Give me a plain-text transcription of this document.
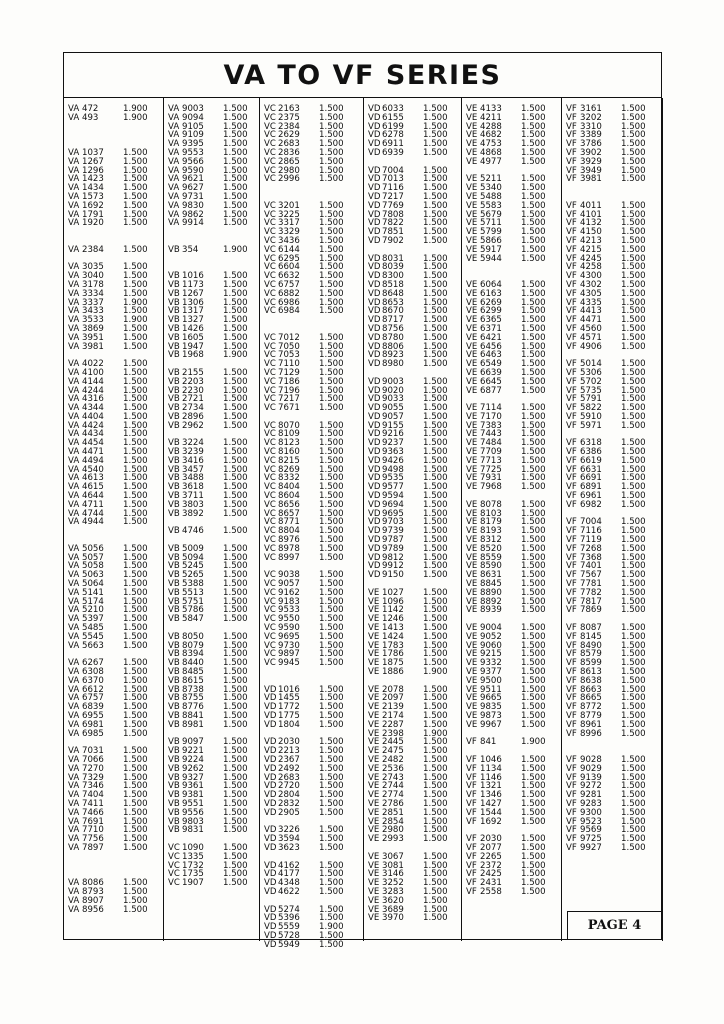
VA TO VF SERIES
VA 472	1.900
VA 493	1.900
VA 1037 1.500
VA 1267 1.500
VA 1296 1.500
VA 1423 1.500
VA 1434 1.500
VA 1573 1.500
VA 1692 1.500
VA 1791 1.500
VA 1920 1.500
VA 2384 1.500
VA 3035 1.500
VA 3040 1.500
VA 3178 1.500
VA 3334 1.500
VA 3337 1.900
VA 3433 1.500
VA 3533 1.900
VA 3869 1.500
VA 3951 1.500
VA 3981 1.500
VA 4022 1.500
VA 4100 1.500
VA 4144 1.500
VA 4244 1.500
VA 4316 1.500
VA 4344 1.500
VA 4404 1.500
VA 4424 1.500
VA 4434 1.500
VA 4454 1.500
VA 4471 1.500
VA 4494 1.500
VA 4540 1.500
VA 4613 1.500
VA 4615 1.500
VA 4644 1.500
VA 4711 1.500
VA 4744 1.500
VA 4944 1.500
VA 5056 1.500
VA 5057 1.500
VA 5058 1.500
VA 5063 1.500
VA 5064 1.500
VA 5141 1.500
VA 5174 1.500
VA 5210 1.500
VA 5397 1.500
VA 5485 1.500
VA 5545 1.500
VA 5663 1.500
VA 6267 1.500
VA 6308 1.500
VA 6370 1.500
VA 6612 1.500
VA 6757 1.500
VA 6839 1.500
VA 6955 1.500
VA 6981 1.500
VA 6985 1.500
VA 7031 1.500
VA 7066 1.500
VA 7270 1.500
VA 7329 1.500
VA 7346 1.500
VA 7404 1.500
VA 7411 1.500
VA 7466 1.500
VA 7691 1.500
VA 7710 1.500
VA 7756 1.500
VA 7897 1.500
VA 8086 1.500
VA 8793 1.500
VA 8907 1.500
VA 8956 1.500
VA 9003 1.500
VA 9094 1.500
VA 9105 1.500
VA 9109 1.500
VA 9395 1.500
VA 9553 1.500
VA 9566 1.500
VA 9590 1.500
VA 9621 1.500
VA 9627 1.500
VA 9731 1.500
VA 9830 1.500
VA 9862 1.500
VA 9914 1.500
VB 354	1.900
VB 1016 1.500
VB 1173 1.500
VB 1267 1.500
VB 1306 1.500
VB 1317 1.500
VB 1327 1.500
VB 1426 1.500
VB 1605 1.500
VB 1947 1.500
VB 1968 1.900
VB 2155 1.500
VB 2203 1.500
VB 2230 1.500
VB 2721 1.500
VB 2734 1.500
VB 2896 1.500
VB 2962 1.500
VB 3224 1.500
VB 3239 1.500
VB 3416 1.500
VB 3457 1.500
VB 3488 1.500
VB 3618 1.500
VB 3711 1.500
VB 3803 1.500
VB 3892 1.500
VB 4746 1.500
VB 5009 1.500
VB 5094 1.500
VB 5245 1.500
VB 5265 1.500
VB 5388 1.500
VB 5513 1.500
VB 5751 1.500
VB 5786 1.500
VB 5847 1.500
VB 8050 1.500
VB 8079 1.500
VB 8394 1.500
VB 8440 1.500
VB 8485 1.500
VB 8615 1.500
VB 8738 1.500
VB 8755 1.500
VB 8776 1.500
VB 8841 1.500
VB 8981 1.500
VB 9097 1.500
VB 9221 1.500
VB 9224 1.500
VB 9262 1.500
VB 9327 1.500
VB 9361 1.500
VB 9381 1.500
VB 9551 1.500
VB 9556 1.500
VB 9803 1.500
VB 9831 1.500
VC 1090 1.500
VC 1335 1.500
VC 1732 1.500
VC 1735 1.500
VC 1907 1.500
VC 2163 1.500
VC 2375 1.500
VC 2384 1.500
VC 2629 1.500
VC 2683 1.500
VC 2836 1.500
VC 2865 1.500
VC 2980 1.500
VC 2996 1.500
VC 3201 1.500
VC 3225 1.500
VC 3317 1.500
VC 3329 1.500
VC 3436 1.500
VC 6144 1.500
VC 6295 1.500
VC 6604 1.500
VC 6632 1.500
VC 6757 1.500
VC 6882 1.500
VC 6986 1.500
VC 6984 1.500
VC 7012 1.500
VC 7050 1.500
VC 7053 1.500
VC 7110 1.500
VC 7129 1.500
VC 7186 1.500
VC 7196 1.500
VC 7217 1.500
VC 7671 1.500
VC 8070 1.500
VC 8109 1.500
VC 8123 1.500
VC 8160 1.500
VC 8215 1.500
VC 8269 1.500
VC 8332 1.500
VC 8404 1.500
VC 8604 1.500
VC 8656 1.500
VC 8657 1.500
VC 8771 1.500
VC 8804 1.500
VC 8976 1.500
VC 8978 1.500
VC 8997 1.500
VC 9038 1.500
VC 9057 1.500
VC 9162 1.500
VC 9183 1.500
VC 9533 1.500
VC 9550 1.500
VC 9590 1.500
VC 9695 1.500
VC 9730 1.500
VC 9897 1.500
VC 9945 1.500
VD 1016 1.500
VD 1455 1.500
VD 1772 1.500
VD 1775 1.500
VD 1804 1.500
VD 2030 1.500
VD 2213 1.500
VD 2367 1.500
VD 2492 1.500
VD 2683 1.500
VD 2720 1.500
VD 2804 1.500
VD 2832 1.500
VD 2905 1.500
VD 3226 1.500
VD 3594 1.500
VD 3623 1.500
VD 4162 1.500
VD 4177 1.500
VD 4348 1.500
VD 4622 1.500
VD 5274 1.500
VD 5396 1.500
VD 5559 1.900
VD 5728 1.500
VD 5949 1.500
VD 6033 1.500
VD 6155 1.500
VD 6199 1.500
VD 6278 1.500
VD 6911 1.500
VD 6939 1.500
VD 7004 1.500
VD 7013 1.500
VD 7116 1.500
VD 7217 1.500
VD 7769 1.500
VD 7808 1.500
VD 7822 1.500
VD 7851 1.500
VD 7902 1.500
VD 8031 1.500
VD 8039 1.500
VD 8300 1.500
VD 8518 1.500
VD 8648 1.500
VD 8653 1.500
VD 8670 1.500
VD 8717 1.500
VD 8756 1.500
VD 8780 1.500
VD 8806 1.500
VD 8923 1.500
VD 8980 1.500
VD 9003 1.500
VD 9020 1.500
VD 9033 1.500
VD 9055 1.500
VD 9057 1.500
VD 9155 1.500
VD 9216 1.500
VD 9237 1.500
VD 9363 1.500
VD 9426 1.500
VD 9498 1.500
VD 9535 1.500
VD 9577 1.500
VD 9594 1.500
VD 9694 1.500
VD 9695 1.500
VD 9703 1.500
VD 9739 1.500
VD 9787 1.500
VD 9789 1.500
VD 9812 1.500
VD 9912 1.500
VD 9150 1.500
VE 1027 1.500
VE 1096 1.500
VE 1142 1.500
VE 1246 1.500
VE 1413 1.500
VE 1424 1.500
VE 1783 1.500
VE 1786 1.500
VE 1875 1.500
VE 1886 1.900
VE 2078 1.500
VE 2097 1.500
VE 2139 1.500
VE 2174 1.500
VE 2287 1.500
VE 2398 1.900
VE 2445 1.500
VE 2475 1.500
VE 2482 1.500
VE 2536 1.500
VE 2743 1.500
VE 2744 1.500
VE 2774 1.500
VE 2786 1.500
VE 2851 1.500
VE 2854 1.500
VE 2980 1.500
VE 2993 1.500
VE 3067 1.500
VE 3081 1.500
VE 3146 1.500
VE 3252 1.500
VE 3283 1.500
VE 3620 1.500
VE 3689 1.500
VE 3970 1.500
VE 4133 1.500
VE 4211 1.500
VE 4288 1.500
VE 4682 1.500
VE 4753 1.500
VE 4868 1.500
VE 4977 1.500
VE 5211 1.500
VE 5340 1.500
VE 5488 1.500
VE 5583 1.500
VE 5679 1.500
VE 5711 1.500
VE 5799 1.500
VE 5866 1.500
VE 5917 1.500
VE 5944 1.500
VE 6064 1.500
VE 6163 1.500
VE 6269 1.500
VE 6299 1.500
VE 6365 1.500
VE 6371 1.500
VE 6421 1.500
VE 6456 1.500
VE 6463 1.500
VE 6549 1.500
VE 6639 1.500
VE 6645 1.500
VE 6877 1.500
VE 7114 1.500
VE 7170 1.500
VE 7383 1.500
VE 7443 1.500
VE 7484 1.500
VE 7709 1.500
VE 7713 1.500
VE 7725 1.500
VE 7931 1.500
VE 7968 1.500
VE 8078 1.500
VE 8103 1.500
VE 8179 1.500
VE 8193 1.500
VE 8312 1.500
VE 8520 1.500
VE 8559 1.500
VE 8590 1.500
VE 8631 1.500
VE 8845 1.500
VE 8890 1.500
VE 8892 1.500
VE 8939 1.500
VE 9004 1.500
VE 9052 1.500
VE 9060 1.500
VE 9215 1.500
VE 9332 1.500
VE 9377 1.500
VE 9500 1.500
VE 9511 1.500
VE 9665 1.500
VE 9835 1.500
VE 9873 1.500
VE 9967 1.500
VF 841	1.900
VF 1046 1.500
VF 1134 1.500
VF 1146 1.500
VF 1321 1.500
VF 1346 1.500
VF 1427 1.500
VF 1544 1.500
VF 1692 1.500
VF 2030 1.500
VF 2077 1.500
VF 2265 1.500
VF 2372 1.500
VF 2425 1.500
VF 2431 1.500
VF 2558 1.500
VF 3161 1.500
VF 3202 1.500
VF 3310 1.500
VF 3389 1.500
VF 3786 1.500
VF 3902 1.500
VF 3929 1.500
VF 3949 1.500
VF 3981 1.500
VF 4011 1.500
VF 4101 1.500
VF 4132 1.500
VF 4150 1.500
VF 4213 1.500
VF 4215 1.500
VF 4245 1.500
VF 4258 1.500
VF 4300 1.500
VF 4302 1.500
VF 4305 1.500
VF 4335 1.500
VF 4413 1.500
VF 4471 1.500
VF 4560 1.500
VF 4571 1.500
VF 4906 1.500
VF 5014 1.500
VF 5306 1.500
VF 5702 1.500
VF 5735 1.500
VF 5791 1.500
VF 5822 1.500
VF 5910 1.500
VF 5971 1.500
VF 6318 1.500
VF 6386 1.500
VF 6619 1.500
VF 6631 1.500
VF 6691 1.500
VF 6891 1.500
VF 6961 1.500
VF 6982 1.500
VF 7004 1.500
VF 7116 1.500
VF 7119 1.500
VF 7268 1.500
VF 7368 1.500
VF 7401 1.500
VF 7567 1.500
VF 7781 1.500
VF 7782 1.500
VF 7817 1.500
VF 7869 1.500
VF 8087 1.500
VF 8145 1.500
VF 8490 1.500
VF 8579 1.500
VF 8599 1.500
VF 8613 1.500
VF 8638 1.500
VF 8663 1.500
VF 8665 1.500
VF 8772 1.500
VF 8779 1.500
VF 8961 1.500
VF 8996 1.500
VF 9028 1.500
VF 9029 1.500
VF 9139 1.500
VF 9272 1.500
VF 9281 1.500
VF 9283 1.500
VF 9300 1.500
VF 9523 1.500
VF 9569 1.500
VF 9725 1.500
VF 9927 1.500
PAGE 4
